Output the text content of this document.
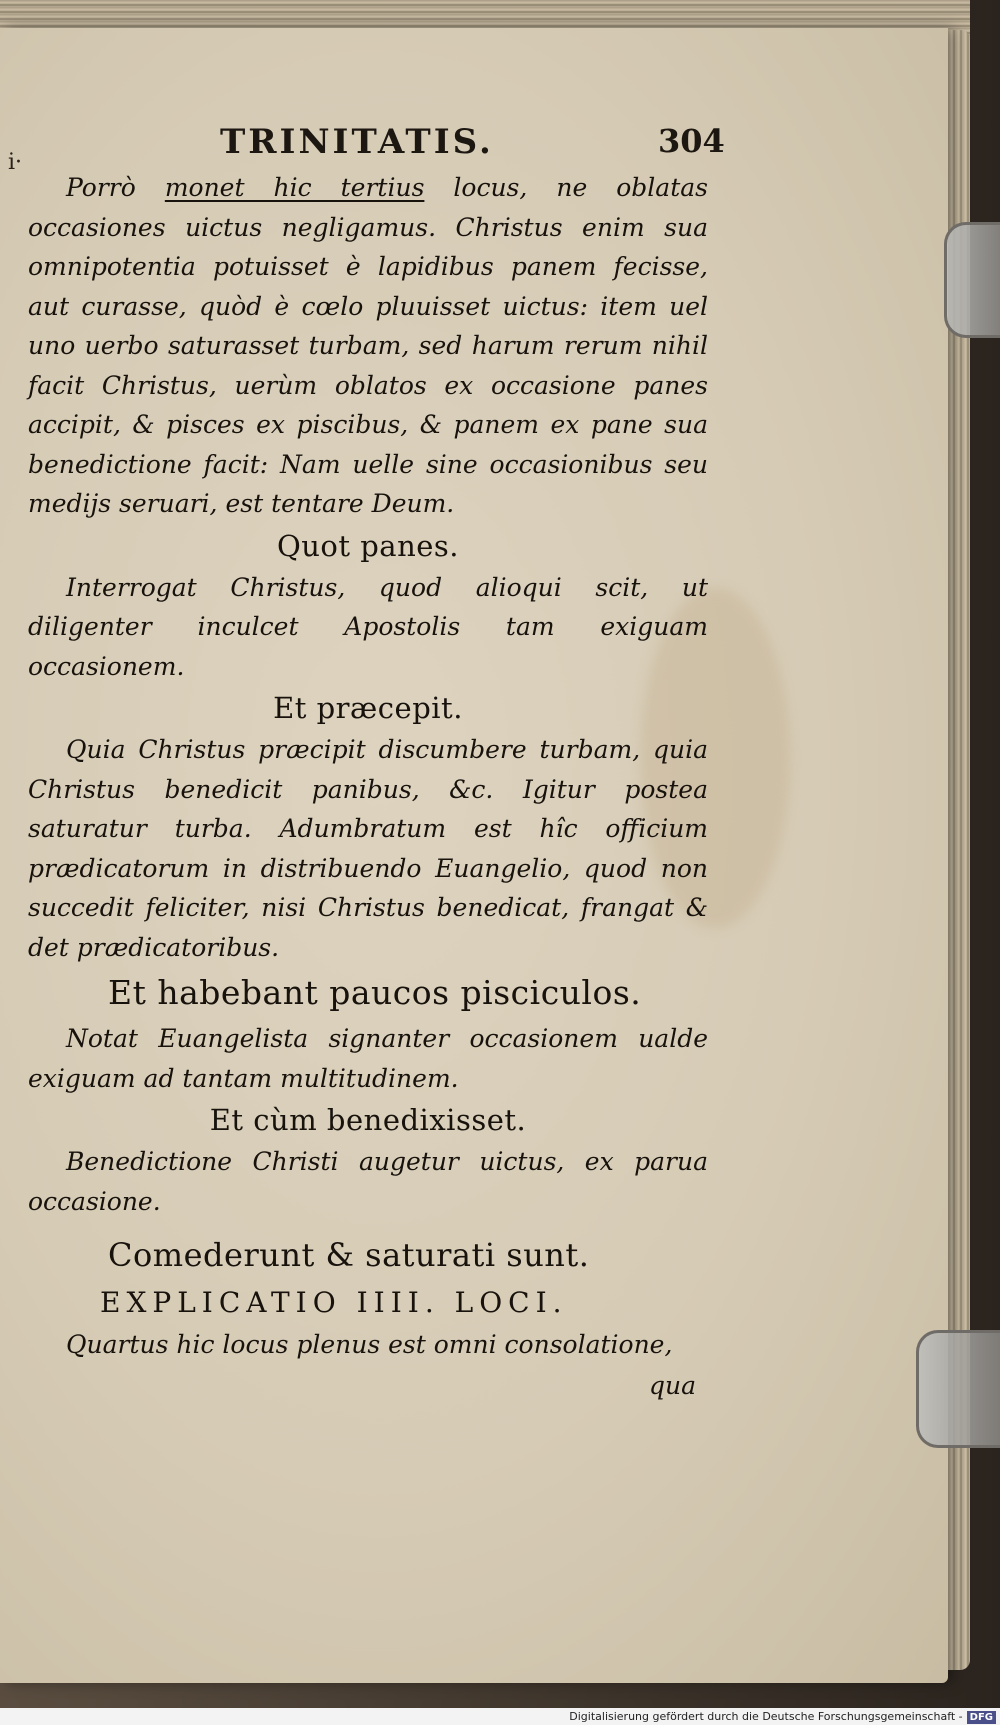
TRINITATIS.	304
i·

Porrò monet hic tertius locus, ne oblatas occasiones uictus negligamus. Christus enim sua omnipotentia potuisset è lapidibus panem fecisse, aut curasse, quòd è cœlo pluuisset uictus: item uel uno uerbo saturasset turbam, sed harum rerum nihil facit Christus, uerùm oblatos ex occasione panes accipit, & pisces ex piscibus, & panem ex pane sua benedictione facit: Nam uelle sine occasionibus seu medijs seruari, est tentare Deum.

Quot panes.

Interrogat Christus, quod alioqui scit, ut diligenter inculcet Apostolis tam exiguam occasionem.

Et præcepit.

Quia Christus præcipit discumbere turbam, quia Christus benedicit panibus, &c. Igitur postea saturatur turba. Adumbratum est hîc officium prædicatorum in distribuendo Euangelio, quod non succedit feliciter, nisi Christus benedicat, frangat & det prædicatoribus.

Et habebant paucos pisciculos.

Notat Euangelista signanter occasionem ualde exiguam ad tantam multitudinem.

Et cùm benedixisset.

Benedictione Christi augetur uictus, ex parua occasione.

Comederunt & saturati sunt.

EXPLICATIO IIII. LOCI.

Quartus hic locus plenus est omni consolatione,

qua

Digitalisierung gefördert durch die Deutsche Forschungsgemeinschaft - DFG
